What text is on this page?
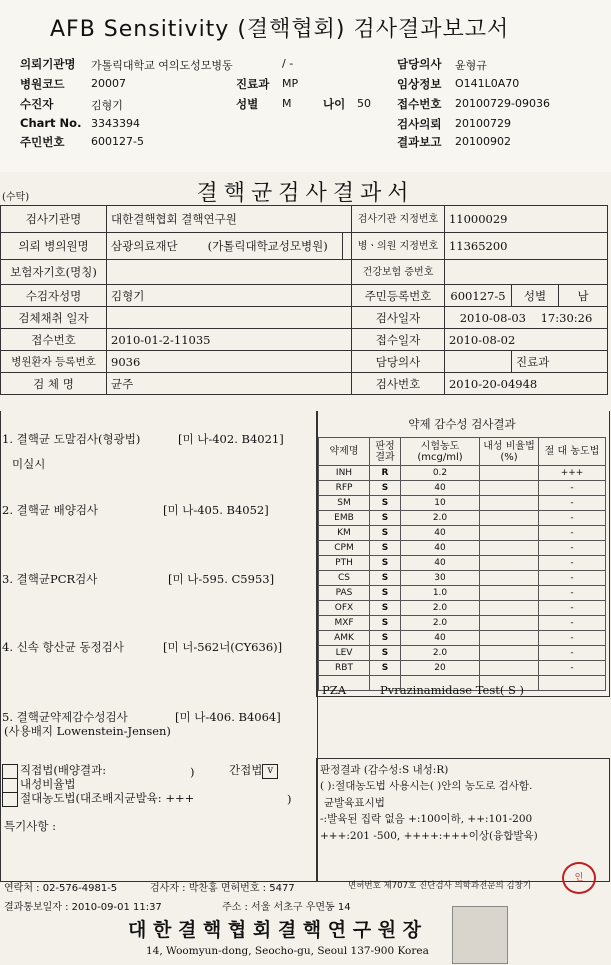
AFB Sensitivity (결핵협회) 검사결과보고서
의뢰기관명 가톨릭대학교 여의도성모병동	/ -
병원코드 20007	진료과 MP
수진자	김형기	성별 M	나이 50
Chart No. 3343394
주민번호 600127-5
담당의사 윤형규
임상정보 O141L0A70
접수번호 20100729-09036
검사의뢰 20100729
결과보고 20100902
(수탁)	결핵균검사결과서
검사기관명	대한결핵협회 결핵연구원		검사기관 지정번호	11000029		
의뢰 병의원명	삼광의료재단 (가톨릭대학교성모병원)		병ㆍ의원 지정번호	11365200		
보험자기호(명칭)			건강보험 증번호			
수검자성명	김형기		주민등록번호	600127-5	성별	남
검체채취 일자			검사일자	2010-08-03    17:30:26		
접수번호	2010-01-2-11035		접수일자	2010-08-02		
병원환자 등록번호	9036		담당의사		진료과	
검 체 명	균주		검사번호	2010-20-04948		
1. 결핵균 도말검사(형광법)	[미 나-402. B4021]
미실시
2. 결핵균 배양검사	[미 나-405. B4052]
3. 결핵균PCR검사	[미 나-595. C5953]
4. 신속 항산균 동정검사	[미 너-562너(CY636)]
5. 결핵균약제감수성검사	[미 나-406. B4064]
(사용배지 Lowenstein-Jensen)
직접법(배양결과:	)	간접법 v
내성비율법
절대농도법(대조배지균발육: +++	)
특기사항 :
약제 감수성 검사결과
약제명	판정 결과	시험농도 (mcg/ml)	내성 비율법(%)	절 대 농도법
INH	R	0.2		+++
RFP	S	40		-
SM	S	10		-
EMB	S	2.0		-
KM	S	40		-
CPM	S	40		-
PTH	S	40		-
CS	S	30		-
PAS	S	1.0		-
OFX	S	2.0		-
MXF	S	2.0		-
AMK	S	40		-
LEV	S	2.0		-
RBT	S	20		-

PZA	Pvrazinamidase Test( S )
판정결과 (감수성:S 내성:R)
( ):절대농도법 사용시는( )안의 농도로 검사함.
균발육표시법
-:발육된 집락 없음 +:100이하, ++:101-200
+++:201 -500, ++++:+++이상(융합발육)
연락처 : 02-576-4981-5	검사자 : 박찬홍 면허번호 : 5477	면허번호 제707호 진단검사 의학과전문의 김창기
인
결과통보일자 : 2010-09-01 11:37	주소 : 서울 서초구 우면동 14
대 한 결 핵 협 회 결 핵 연 구 원 장
14, Woomyun-dong, Seocho-gu, Seoul 137-900 Korea
